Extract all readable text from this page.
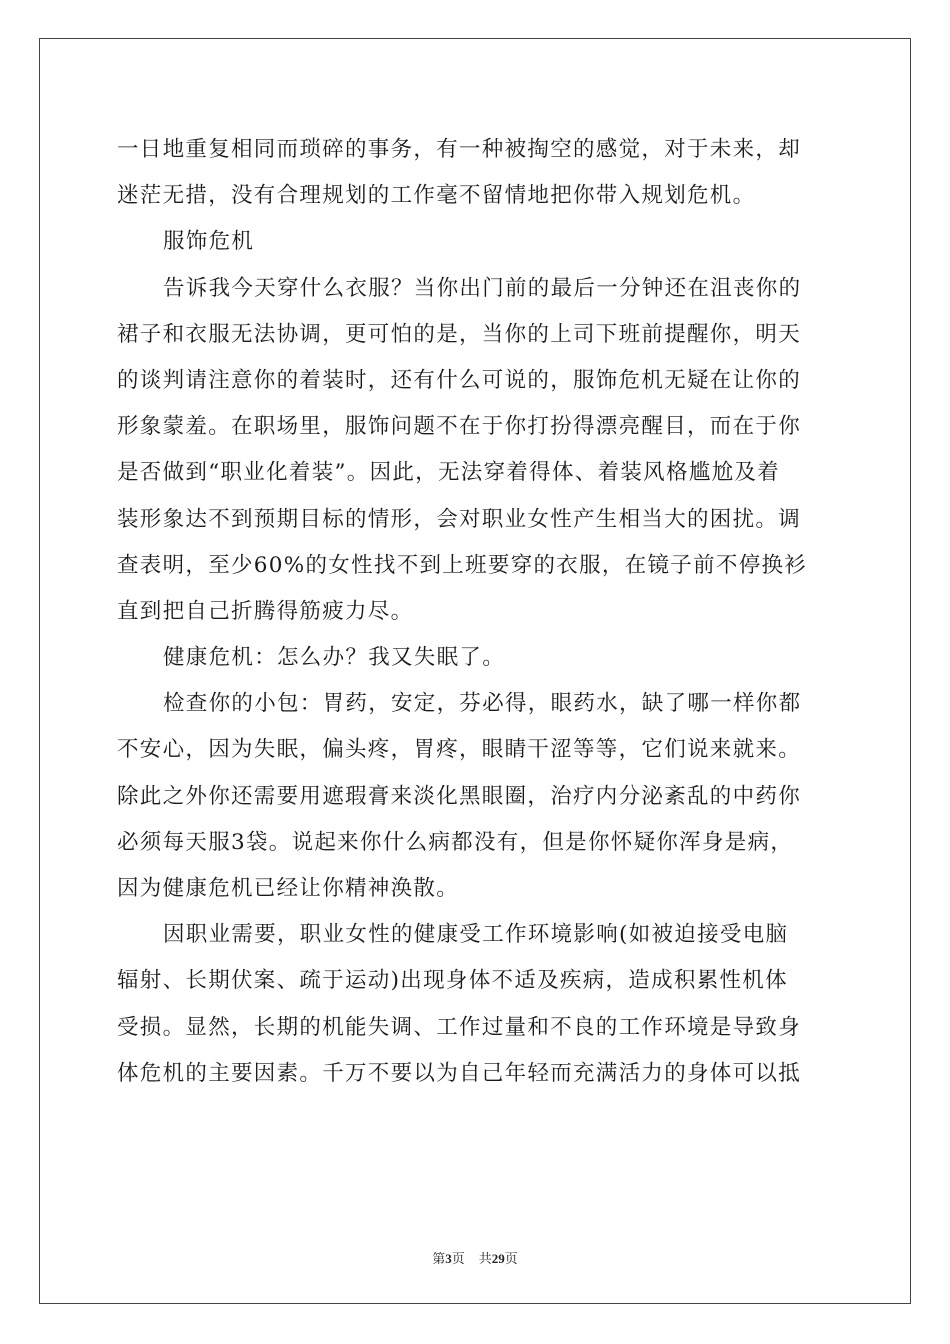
一日地重复相同而琐碎的事务，有一种被掏空的感觉，对于未来，却
迷茫无措，没有合理规划的工作毫不留情地把你带入规划危机。
服饰危机
告诉我今天穿什么衣服？当你出门前的最后一分钟还在沮丧你的
裙子和衣服无法协调，更可怕的是，当你的上司下班前提醒你，明天
的谈判请注意你的着装时，还有什么可说的，服饰危机无疑在让你的
形象蒙羞。在职场里，服饰问题不在于你打扮得漂亮醒目，而在于你
是否做到“职业化着装”。因此，无法穿着得体、着装风格尴尬及着
装形象达不到预期目标的情形，会对职业女性产生相当大的困扰。调
查表明，至少60%的女性找不到上班要穿的衣服，在镜子前不停换衫
直到把自己折腾得筋疲力尽。
健康危机：怎么办？我又失眠了。
检查你的小包：胃药，安定，芬必得，眼药水，缺了哪一样你都
不安心，因为失眠，偏头疼，胃疼，眼睛干涩等等，它们说来就来。
除此之外你还需要用遮瑕膏来淡化黑眼圈，治疗内分泌紊乱的中药你
必须每天服3袋。说起来你什么病都没有，但是你怀疑你浑身是病，
因为健康危机已经让你精神涣散。
因职业需要，职业女性的健康受工作环境影响(如被迫接受电脑
辐射、长期伏案、疏于运动)出现身体不适及疾病，造成积累性机体
受损。显然，长期的机能失调、工作过量和不良的工作环境是导致身
体危机的主要因素。千万不要以为自己年轻而充满活力的身体可以抵
第3页 共29页
